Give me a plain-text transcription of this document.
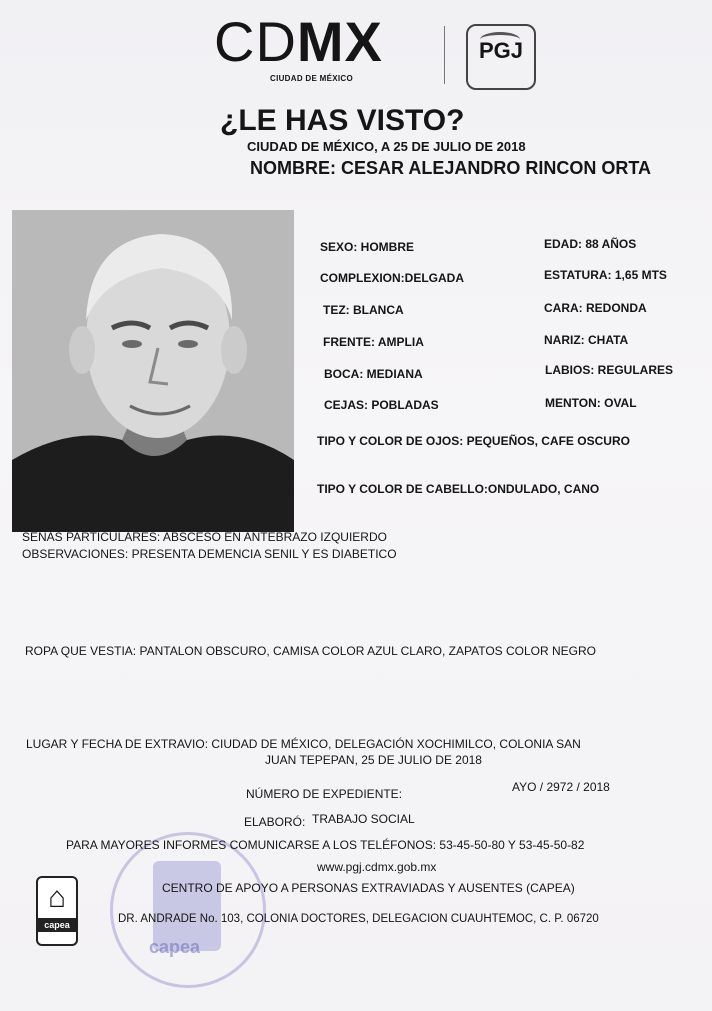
CDMX
CIUDAD DE MÉXICO
PGJ
¿LE HAS VISTO?
CIUDAD DE MÉXICO, A 25 DE JULIO DE 2018
NOMBRE: CESAR ALEJANDRO RINCON ORTA
SEXO: HOMBRE	EDAD: 88 AÑOS
COMPLEXION:DELGADA	ESTATURA: 1,65 MTS
TEZ: BLANCA	CARA: REDONDA
FRENTE: AMPLIA	NARIZ: CHATA
BOCA: MEDIANA	LABIOS: REGULARES
CEJAS: POBLADAS	MENTON: OVAL
TIPO Y COLOR DE OJOS: PEQUEÑOS, CAFE OSCURO
TIPO Y COLOR DE CABELLO:ONDULADO, CANO
SEÑAS PARTICULARES: ABSCESO EN ANTEBRAZO IZQUIERDO
OBSERVACIONES: PRESENTA DEMENCIA SENIL Y ES DIABETICO
ROPA QUE VESTIA: PANTALON OBSCURO, CAMISA COLOR AZUL CLARO, ZAPATOS COLOR NEGRO
LUGAR Y FECHA DE EXTRAVIO: CIUDAD DE MÉXICO, DELEGACIÓN XOCHIMILCO, COLONIA SAN
JUAN TEPEPAN, 25 DE JULIO DE 2018
NÚMERO DE EXPEDIENTE:	AYO / 2972 / 2018
ELABORÓ: TRABAJO SOCIAL
capea
PARA MAYORES INFORMES COMUNICARSE A LOS TELÉFONOS: 53-45-50-80 Y 53-45-50-82
www.pgj.cdmx.gob.mx
CENTRO DE APOYO A PERSONAS EXTRAVIADAS Y AUSENTES (CAPEA)
DR. ANDRADE No. 103, COLONIA DOCTORES, DELEGACION CUAUHTEMOC, C. P. 06720
⌂
capea
